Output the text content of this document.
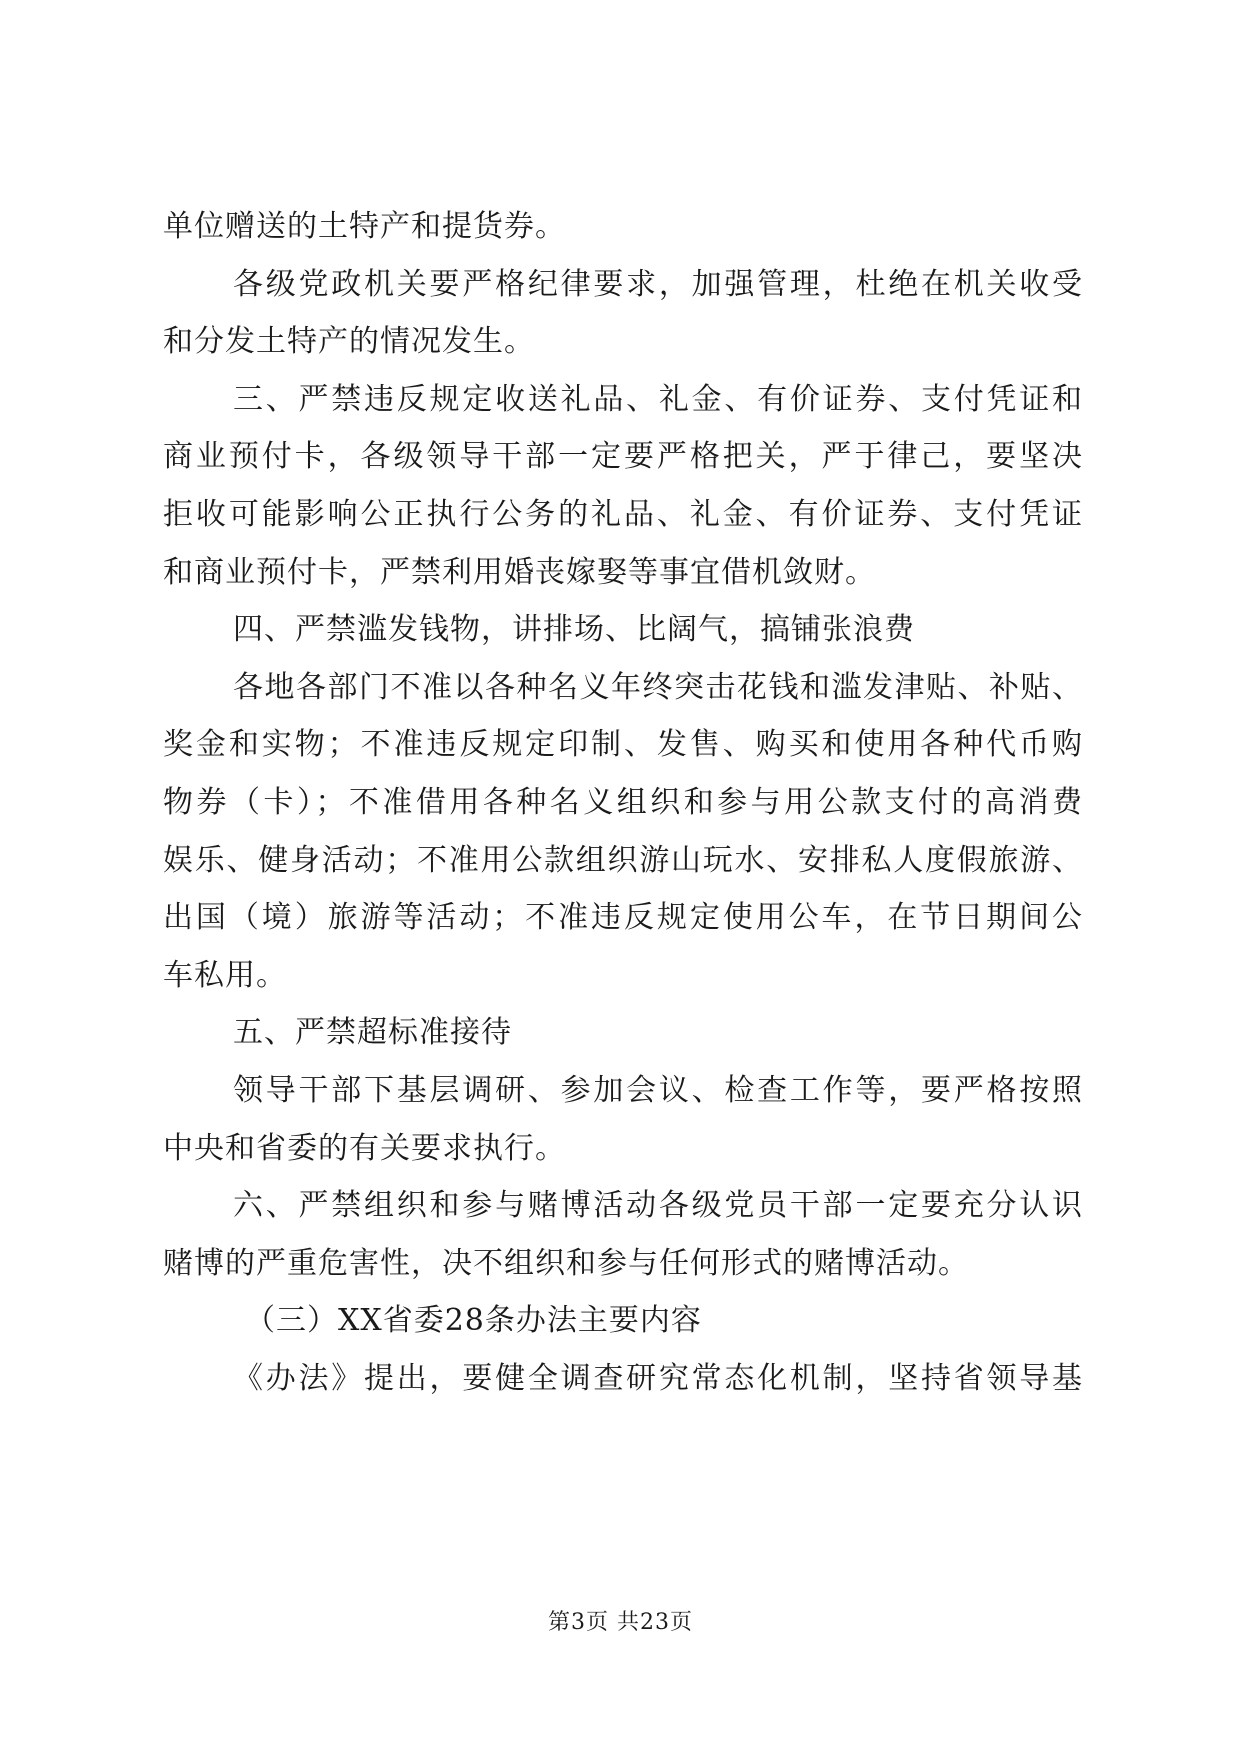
单位赠送的土特产和提货券。
各级党政机关要严格纪律要求，加强管理，杜绝在机关收受
和分发土特产的情况发生。
三、严禁违反规定收送礼品、礼金、有价证券、支付凭证和
商业预付卡，各级领导干部一定要严格把关，严于律己，要坚决
拒收可能影响公正执行公务的礼品、礼金、有价证券、支付凭证
和商业预付卡，严禁利用婚丧嫁娶等事宜借机敛财。
四、严禁滥发钱物，讲排场、比阔气，搞铺张浪费
各地各部门不准以各种名义年终突击花钱和滥发津贴、补贴、
奖金和实物；不准违反规定印制、发售、购买和使用各种代币购
物券（卡）；不准借用各种名义组织和参与用公款支付的高消费
娱乐、健身活动；不准用公款组织游山玩水、安排私人度假旅游、
出国（境）旅游等活动；不准违反规定使用公车，在节日期间公
车私用。
五、严禁超标准接待
领导干部下基层调研、参加会议、检查工作等，要严格按照
中央和省委的有关要求执行。
六、严禁组织和参与赌博活动各级党员干部一定要充分认识
赌博的严重危害性，决不组织和参与任何形式的赌博活动。
（三）XX省委28条办法主要内容
《办法》提出，要健全调查研究常态化机制，坚持省领导基
第3页 共23页
